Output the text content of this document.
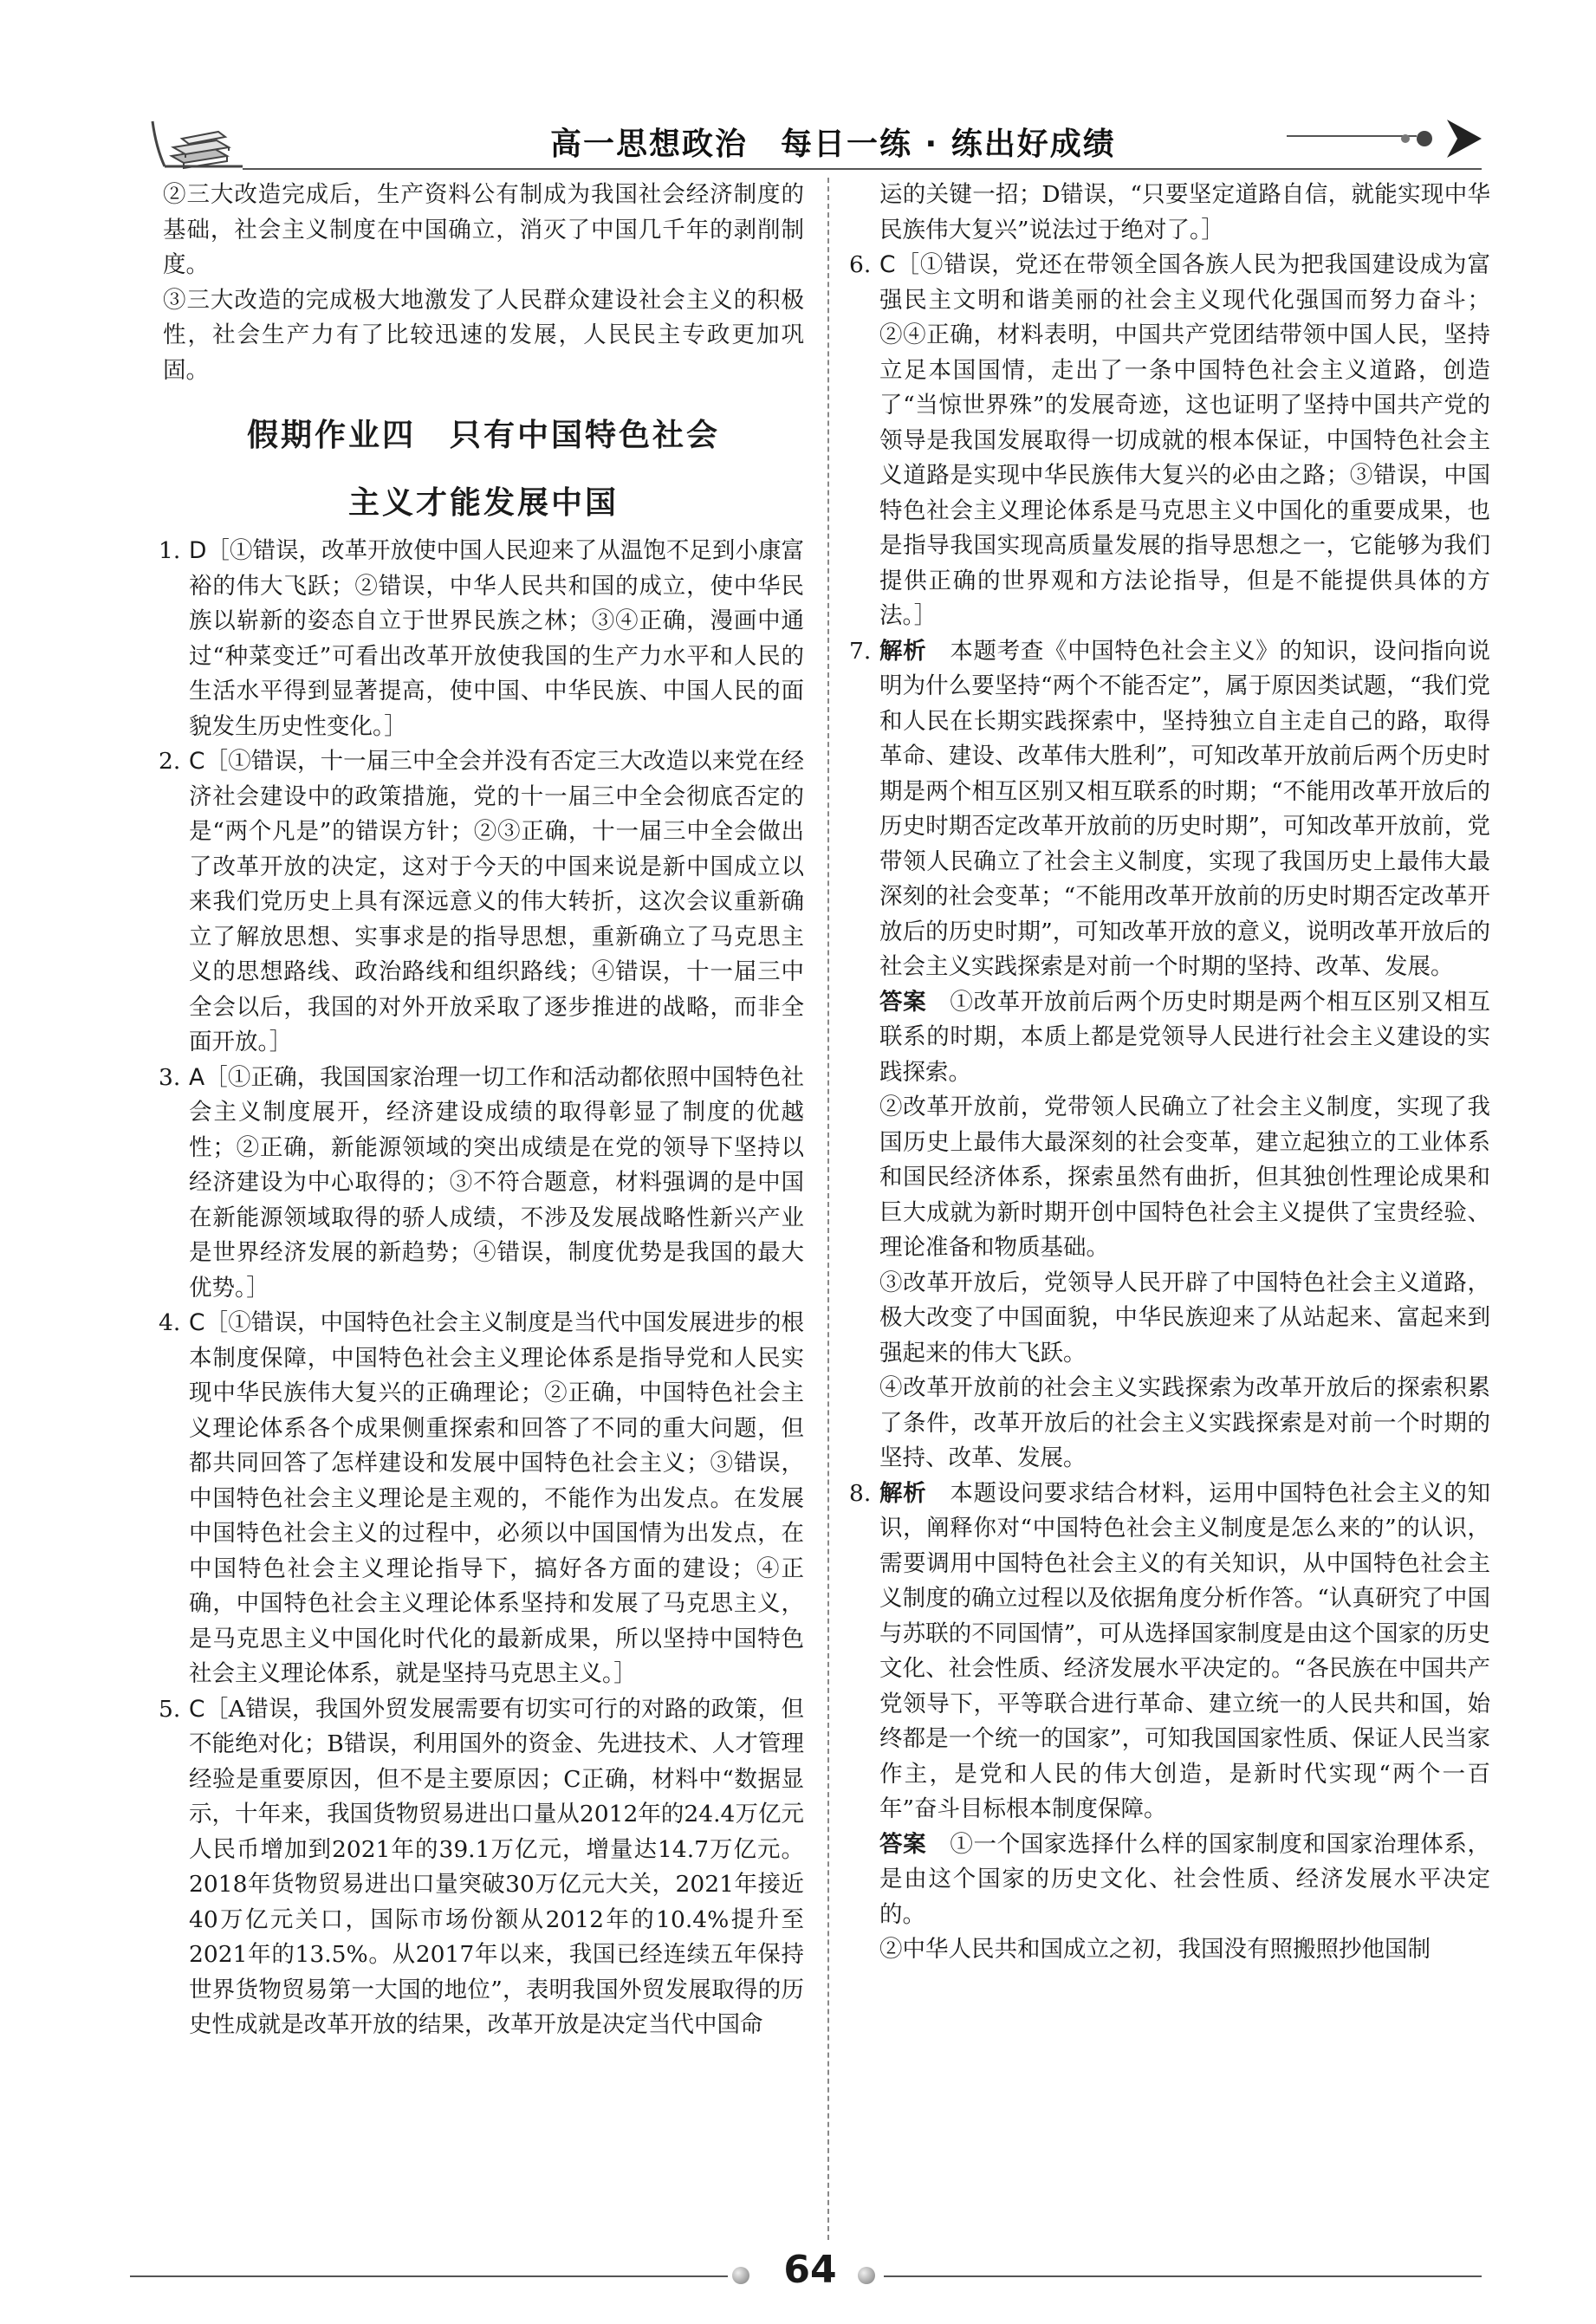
高一思想政治　每日一练 · 练出好成绩

②三大改造完成后，生产资料公有制成为我国社会经济制度的基础，社会主义制度在中国确立，消灭了中国几千年的剥削制度。

③三大改造的完成极大地激发了人民群众建设社会主义的积极性，社会生产力有了比较迅速的发展，人民民主专政更加巩固。

假期作业四　只有中国特色社会
主义才能发展中国

1. D［①错误，改革开放使中国人民迎来了从温饱不足到小康富裕的伟大飞跃；②错误，中华人民共和国的成立，使中华民族以崭新的姿态自立于世界民族之林；③④正确，漫画中通过“种菜变迁”可看出改革开放使我国的生产力水平和人民的生活水平得到显著提高，使中国、中华民族、中国人民的面貌发生历史性变化。］

2. C［①错误，十一届三中全会并没有否定三大改造以来党在经济社会建设中的政策措施，党的十一届三中全会彻底否定的是“两个凡是”的错误方针；②③正确，十一届三中全会做出了改革开放的决定，这对于今天的中国来说是新中国成立以来我们党历史上具有深远意义的伟大转折，这次会议重新确立了解放思想、实事求是的指导思想，重新确立了马克思主义的思想路线、政治路线和组织路线；④错误，十一届三中全会以后，我国的对外开放采取了逐步推进的战略，而非全面开放。］

3. A［①正确，我国国家治理一切工作和活动都依照中国特色社会主义制度展开，经济建设成绩的取得彰显了制度的优越性；②正确，新能源领域的突出成绩是在党的领导下坚持以经济建设为中心取得的；③不符合题意，材料强调的是中国在新能源领域取得的骄人成绩，不涉及发展战略性新兴产业是世界经济发展的新趋势；④错误，制度优势是我国的最大优势。］

4. C［①错误，中国特色社会主义制度是当代中国发展进步的根本制度保障，中国特色社会主义理论体系是指导党和人民实现中华民族伟大复兴的正确理论；②正确，中国特色社会主义理论体系各个成果侧重探索和回答了不同的重大问题，但都共同回答了怎样建设和发展中国特色社会主义；③错误，中国特色社会主义理论是主观的，不能作为出发点。在发展中国特色社会主义的过程中，必须以中国国情为出发点，在中国特色社会主义理论指导下，搞好各方面的建设；④正确，中国特色社会主义理论体系坚持和发展了马克思主义，是马克思主义中国化时代化的最新成果，所以坚持中国特色社会主义理论体系，就是坚持马克思主义。］

5. C［A错误，我国外贸发展需要有切实可行的对路的政策，但不能绝对化；B错误，利用国外的资金、先进技术、人才管理经验是重要原因，但不是主要原因；C正确，材料中“数据显示，十年来，我国货物贸易进出口量从2012年的24.4万亿元人民币增加到2021年的39.1万亿元，增量达14.7万亿元。2018年货物贸易进出口量突破30万亿元大关，2021年接近40万亿元关口，国际市场份额从2012年的10.4%提升至2021年的13.5%。从2017年以来，我国已经连续五年保持世界货物贸易第一大国的地位”，表明我国外贸发展取得的历史性成就是改革开放的结果，改革开放是决定当代中国命

运的关键一招；D错误，“只要坚定道路自信，就能实现中华民族伟大复兴”说法过于绝对了。］

6. C［①错误，党还在带领全国各族人民为把我国建设成为富强民主文明和谐美丽的社会主义现代化强国而努力奋斗；②④正确，材料表明，中国共产党团结带领中国人民，坚持立足本国国情，走出了一条中国特色社会主义道路，创造了“当惊世界殊”的发展奇迹，这也证明了坚持中国共产党的领导是我国发展取得一切成就的根本保证，中国特色社会主义道路是实现中华民族伟大复兴的必由之路；③错误，中国特色社会主义理论体系是马克思主义中国化的重要成果，也是指导我国实现高质量发展的指导思想之一，它能够为我们提供正确的世界观和方法论指导，但是不能提供具体的方法。］

7. 解析　本题考查《中国特色社会主义》的知识，设问指向说明为什么要坚持“两个不能否定”，属于原因类试题，“我们党和人民在长期实践探索中，坚持独立自主走自己的路，取得革命、建设、改革伟大胜利”，可知改革开放前后两个历史时期是两个相互区别又相互联系的时期；“不能用改革开放后的历史时期否定改革开放前的历史时期”，可知改革开放前，党带领人民确立了社会主义制度，实现了我国历史上最伟大最深刻的社会变革；“不能用改革开放前的历史时期否定改革开放后的历史时期”，可知改革开放的意义，说明改革开放后的社会主义实践探索是对前一个时期的坚持、改革、发展。

答案　①改革开放前后两个历史时期是两个相互区别又相互联系的时期，本质上都是党领导人民进行社会主义建设的实践探索。

②改革开放前，党带领人民确立了社会主义制度，实现了我国历史上最伟大最深刻的社会变革，建立起独立的工业体系和国民经济体系，探索虽然有曲折，但其独创性理论成果和巨大成就为新时期开创中国特色社会主义提供了宝贵经验、理论准备和物质基础。

③改革开放后，党领导人民开辟了中国特色社会主义道路，极大改变了中国面貌，中华民族迎来了从站起来、富起来到强起来的伟大飞跃。

④改革开放前的社会主义实践探索为改革开放后的探索积累了条件，改革开放后的社会主义实践探索是对前一个时期的坚持、改革、发展。

8. 解析　本题设问要求结合材料，运用中国特色社会主义的知识，阐释你对“中国特色社会主义制度是怎么来的”的认识，需要调用中国特色社会主义的有关知识，从中国特色社会主义制度的确立过程以及依据角度分析作答。“认真研究了中国与苏联的不同国情”，可从选择国家制度是由这个国家的历史文化、社会性质、经济发展水平决定的。“各民族在中国共产党领导下，平等联合进行革命、建立统一的人民共和国，始终都是一个统一的国家”，可知我国国家性质、保证人民当家作主，是党和人民的伟大创造，是新时代实现“两个一百年”奋斗目标根本制度保障。

答案　①一个国家选择什么样的国家制度和国家治理体系，是由这个国家的历史文化、社会性质、经济发展水平决定的。

②中华人民共和国成立之初，我国没有照搬照抄他国制

64
